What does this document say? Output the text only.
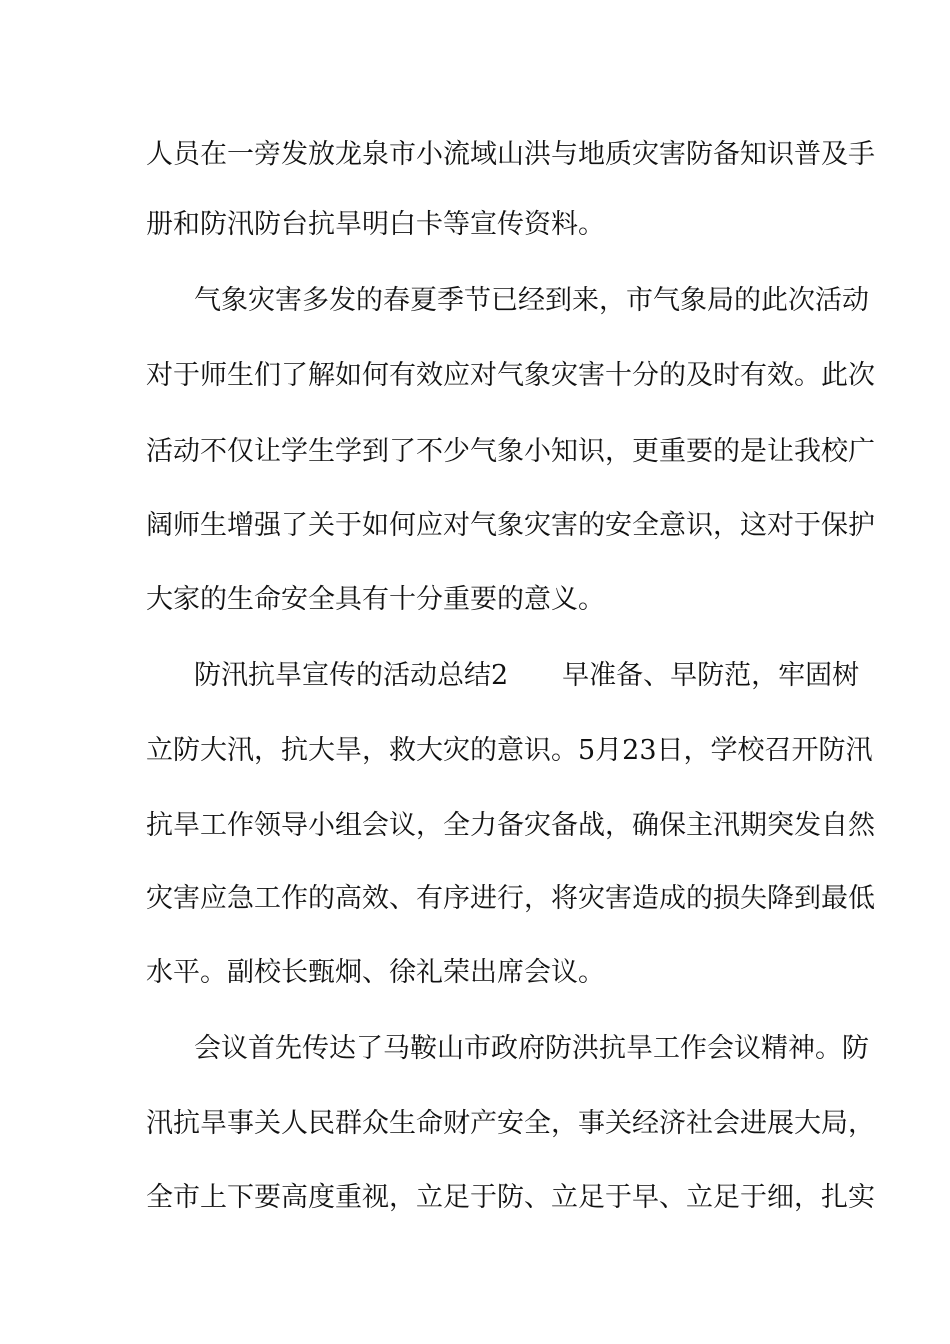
人员在一旁发放龙泉市小流域山洪与地质灾害防备知识普及手
册和防汛防台抗旱明白卡等宣传资料。
气象灾害多发的春夏季节已经到来，市气象局的此次活动
对于师生们了解如何有效应对气象灾害十分的及时有效。此次
活动不仅让学生学到了不少气象小知识，更重要的是让我校广
阔师生增强了关于如何应对气象灾害的安全意识，这对于保护
大家的生命安全具有十分重要的意义。
防汛抗旱宣传的活动总结2　　早准备、早防范，牢固树
立防大汛，抗大旱，救大灾的意识。5月23日，学校召开防汛
抗旱工作领导小组会议，全力备灾备战，确保主汛期突发自然
灾害应急工作的高效、有序进行，将灾害造成的损失降到最低
水平。副校长甄炯、徐礼荣出席会议。
会议首先传达了马鞍山市政府防洪抗旱工作会议精神。防
汛抗旱事关人民群众生命财产安全，事关经济社会进展大局，
全市上下要高度重视，立足于防、立足于早、立足于细，扎实
